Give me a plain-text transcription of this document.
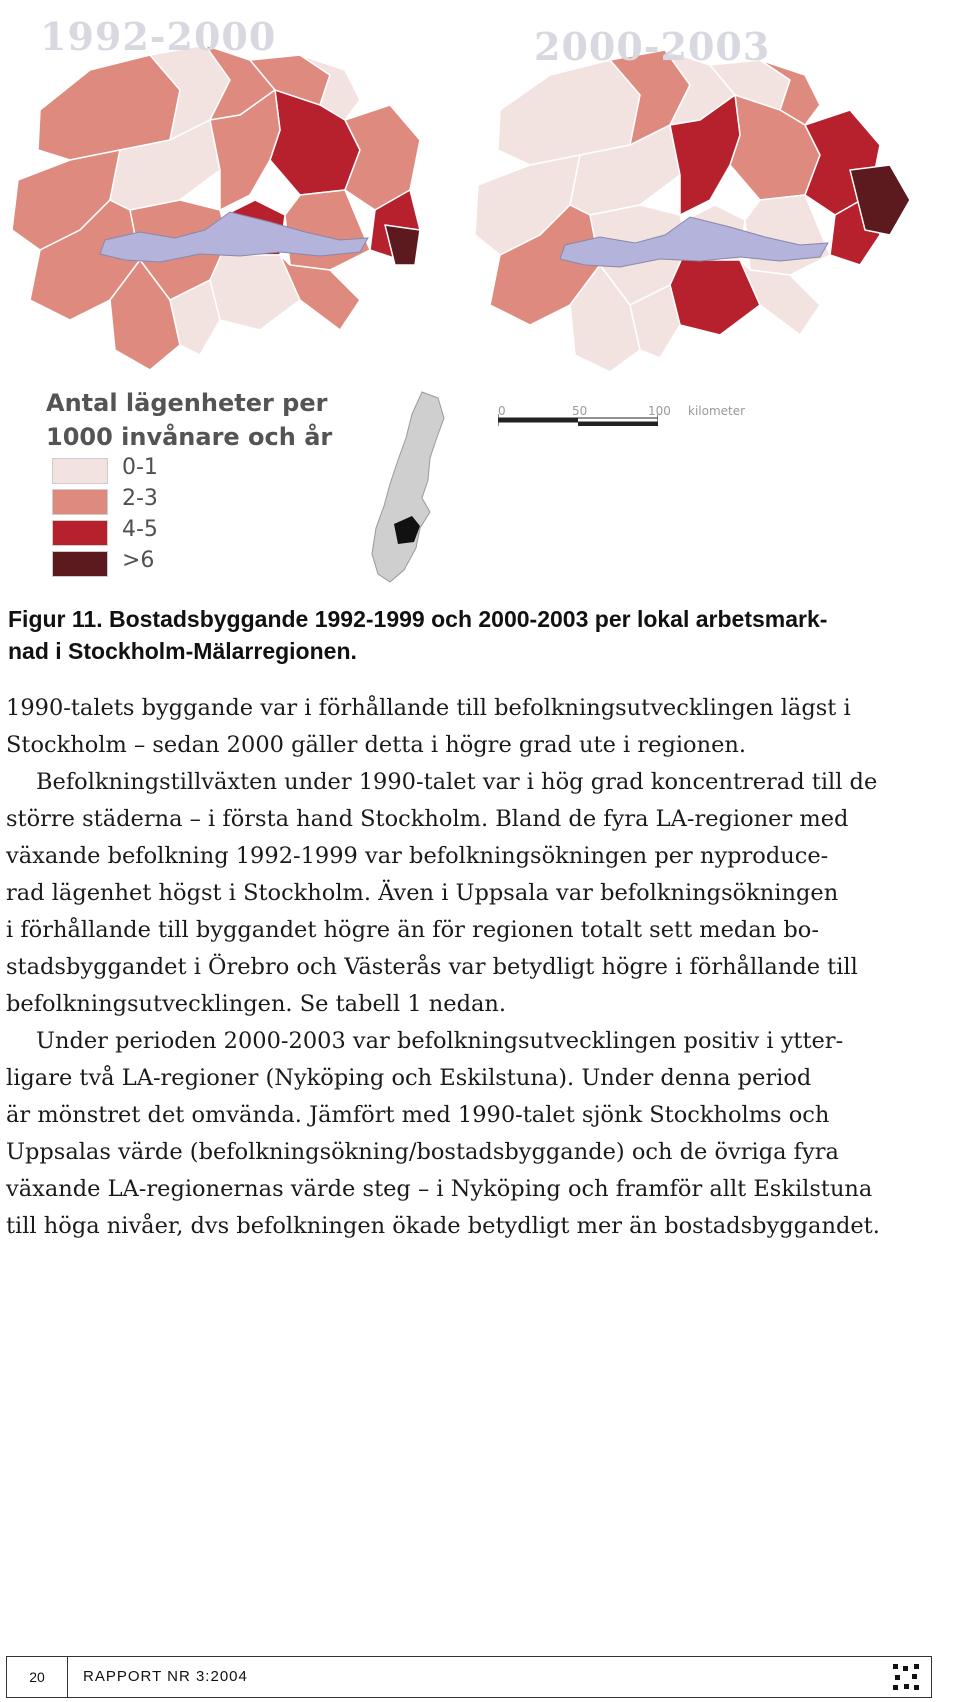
1992-2000	2000-2003
Antal lägenheter per
1000 invånare och år
0-1
2-3
4-5
>6
0	50	100 kilometer
Figur 11. Bostadsbyggande 1992-1999 och 2000-2003 per lokal arbetsmark-
nad i Stockholm-Mälarregionen.

1990-talets byggande var i förhållande till befolkningsutvecklingen lägst i
Stockholm – sedan 2000 gäller detta i högre grad ute i regionen.

Befolkningstillväxten under 1990-talet var i hög grad koncentrerad till de
större städerna – i första hand Stockholm. Bland de fyra LA-regioner med
växande befolkning 1992-1999 var befolkningsökningen per nyproduce-
rad lägenhet högst i Stockholm. Även i Uppsala var befolkningsökningen
i förhållande till byggandet högre än för regionen totalt sett medan bo-
stadsbyggandet i Örebro och Västerås var betydligt högre i förhållande till
befolkningsutvecklingen. Se tabell 1 nedan.

Under perioden 2000-2003 var befolkningsutvecklingen positiv i ytter-
ligare två LA-regioner (Nyköping och Eskilstuna). Under denna period
är mönstret det omvända. Jämfört med 1990-talet sjönk Stockholms och
Uppsalas värde (befolkningsökning/bostadsbyggande) och de övriga fyra
växande LA-regionernas värde steg – i Nyköping och framför allt Eskilstuna
till höga nivåer, dvs befolkningen ökade betydligt mer än bostadsbyggandet.

20	RAPPORT NR 3:2004
